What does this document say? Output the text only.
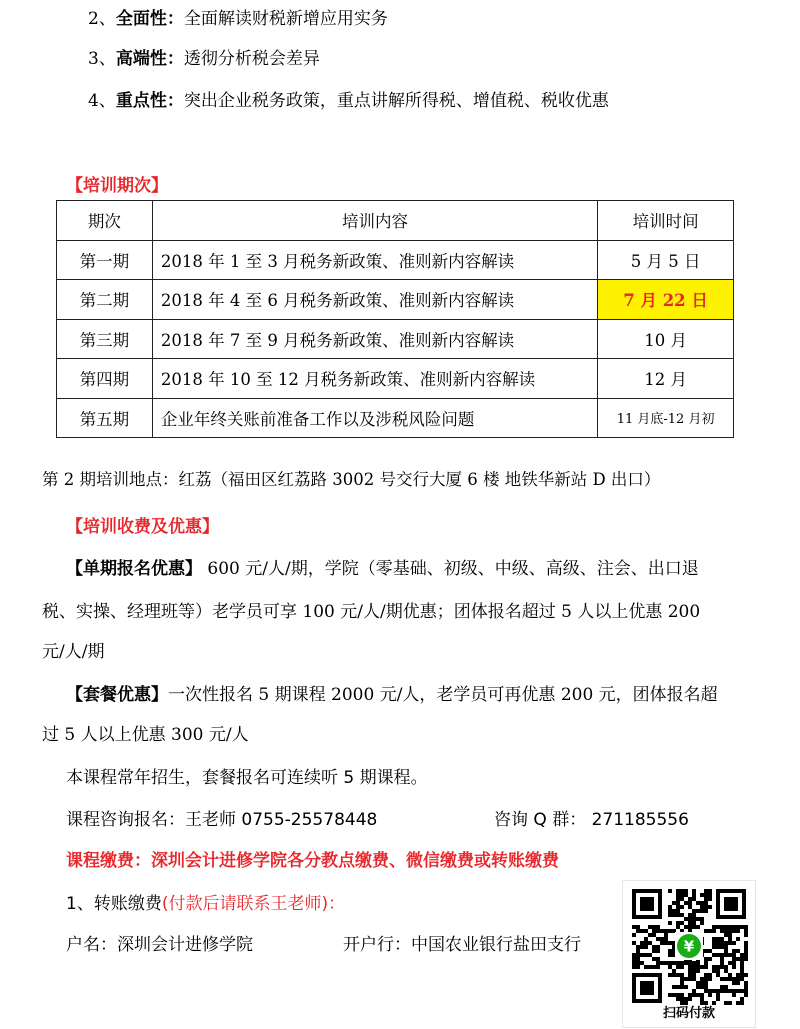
2、全面性：全面解读财税新增应用实务
3、高端性：透彻分析税会差异
4、重点性：突出企业税务政策，重点讲解所得税、增值税、税收优惠
【培训期次】
期次	培训内容	培训时间
第一期	2018 年 1 至 3 月税务新政策、准则新内容解读	5 月 5 日
第二期	2018 年 4 至 6 月税务新政策、准则新内容解读	7 月 22 日
第三期	2018 年 7 至 9 月税务新政策、准则新内容解读	10 月
第四期	2018 年 10 至 12 月税务新政策、准则新内容解读	12 月
第五期	企业年终关账前准备工作以及涉税风险问题	11 月底-12 月初
第 2 期培训地点：红荔（福田区红荔路 3002 号交行大厦 6 楼 地铁华新站 D 出口）
【培训收费及优惠】
【单期报名优惠】 600 元/人/期，学院（零基础、初级、中级、高级、注会、出口退
税、实操、经理班等）老学员可享 100 元/人/期优惠；团体报名超过 5 人以上优惠 200
元/人/期
【套餐优惠】一次性报名 5 期课程 2000 元/人，老学员可再优惠 200 元，团体报名超
过 5 人以上优惠 300 元/人
本课程常年招生，套餐报名可连续听 5 期课程。
课程咨询报名：王老师 0755-25578448	咨询 Q 群： 271185556
课程缴费：深圳会计进修学院各分教点缴费、微信缴费或转账缴费
1、转账缴费(付款后请联系王老师)：
户名：深圳会计进修学院	开户行：中国农业银行盐田支行	¥
扫码付款
